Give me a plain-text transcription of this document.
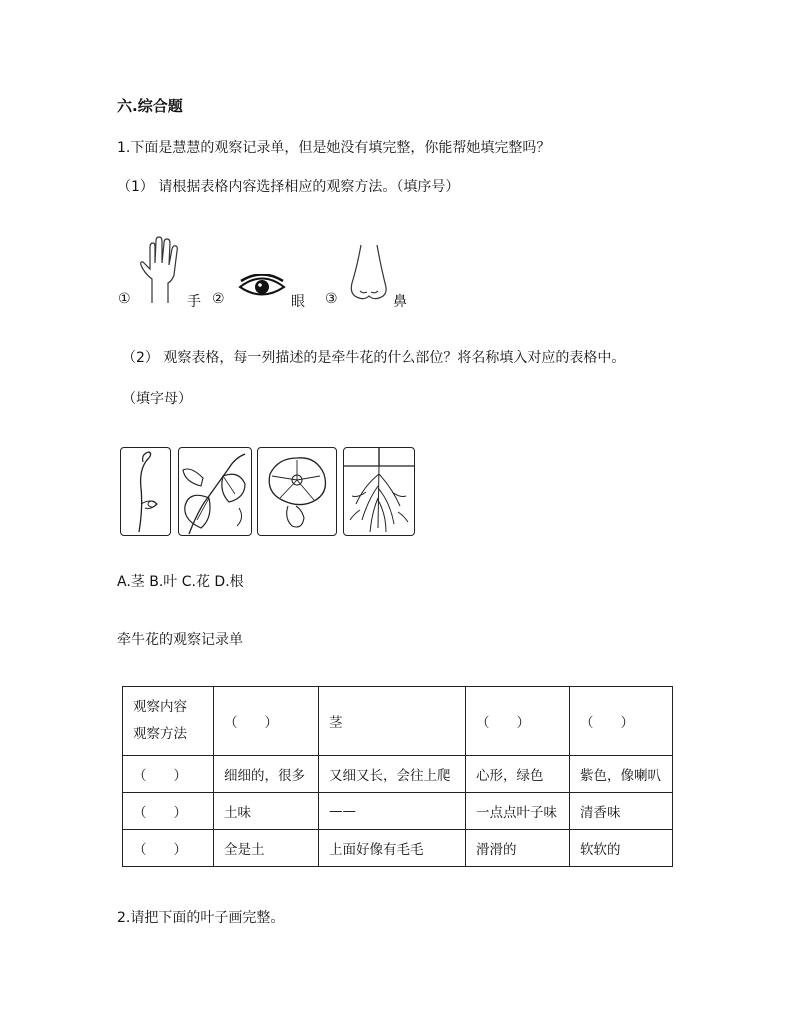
六.综合题
1.下面是慧慧的观察记录单，但是她没有填完整，你能帮她填完整吗？
（1） 请根据表格内容选择相应的观察方法。（填序号）
①	手 ②	眼 ③	鼻
（2） 观察表格，每一列描述的是牵牛花的什么部位？将名称填入对应的表格中。
（填字母）
A.茎 B.叶 C.花 D.根
牵牛花的观察记录单
观察内容
观察方法	（　　）	茎	（　　）	（　　）
（　　）	细细的，很多	又细又长，会往上爬	心形，绿色	紫色，像喇叭
（　　）	土味	——	一点点叶子味	清香味
（　　）	全是土	上面好像有毛毛	滑滑的	软软的
2.请把下面的叶子画完整。
